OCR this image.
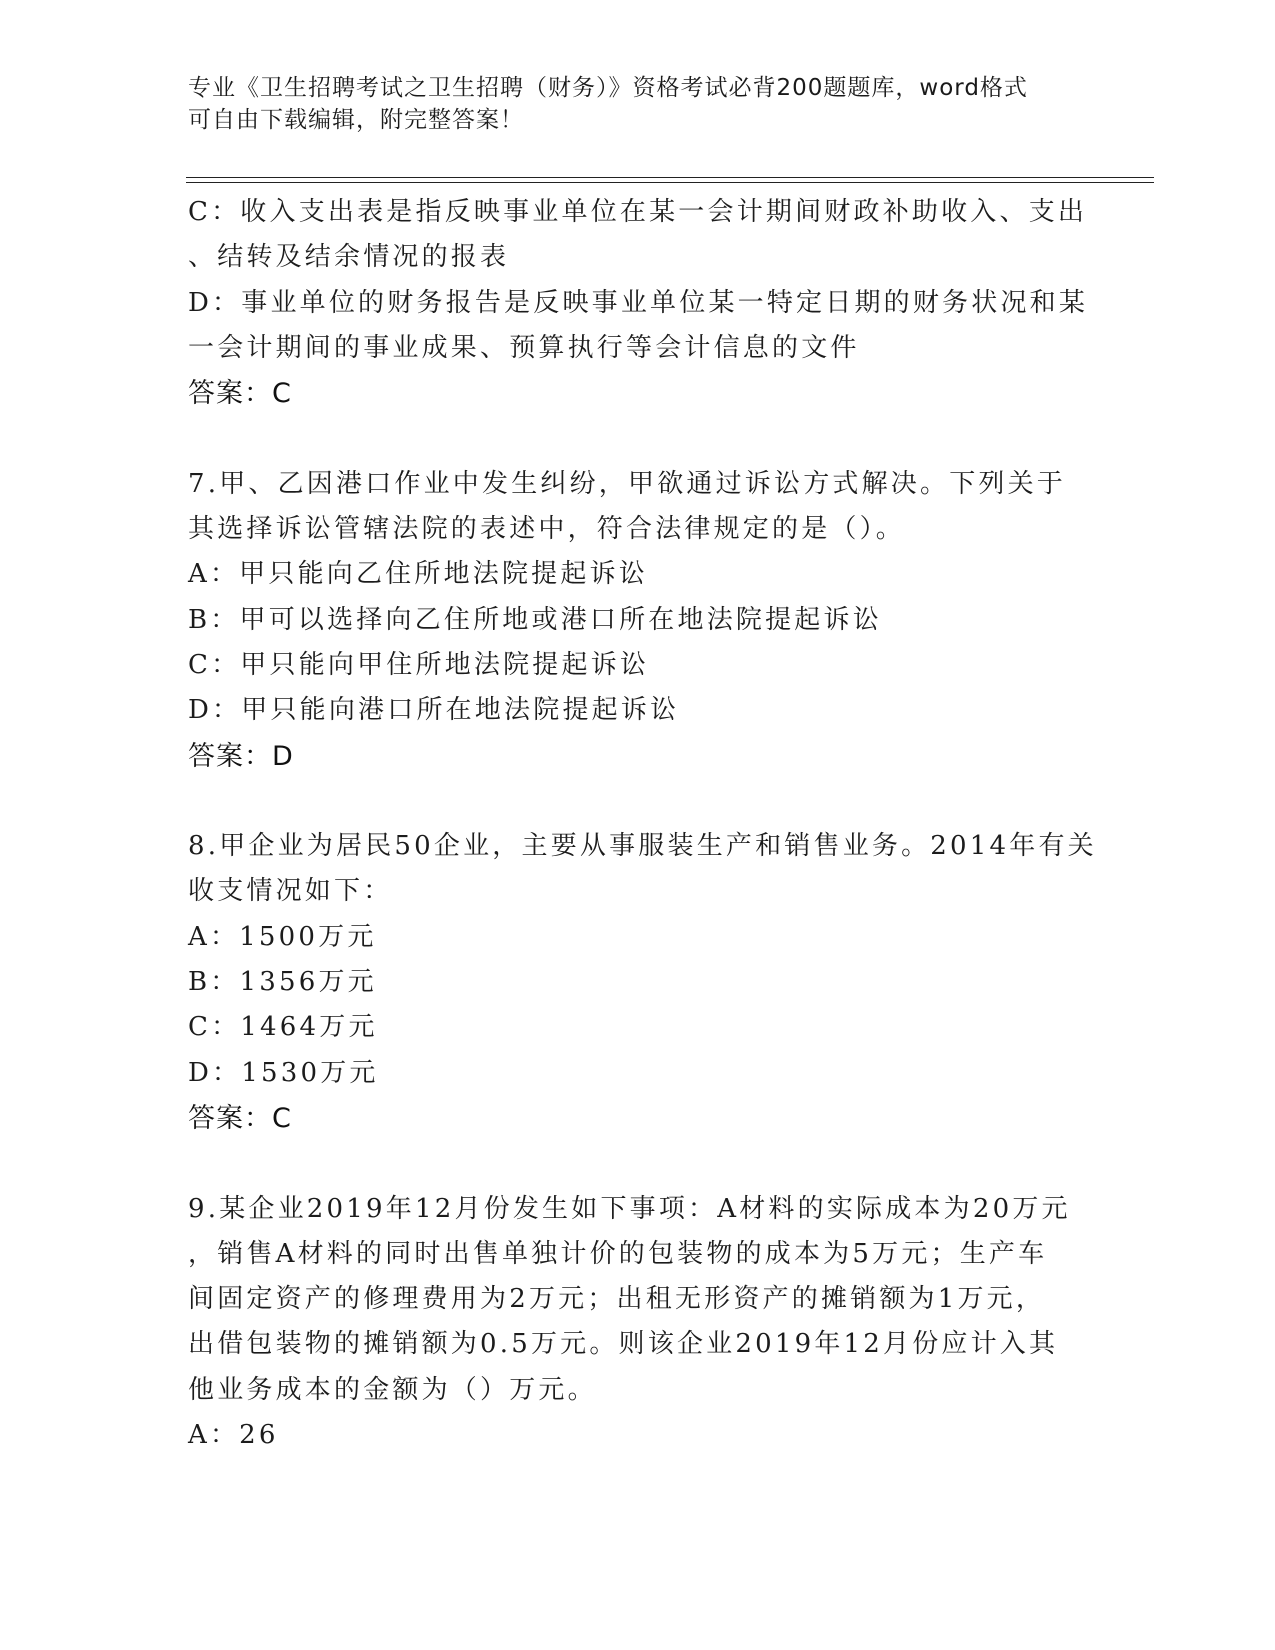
专业《卫生招聘考试之卫生招聘（财务）》资格考试必背200题题库，word格式
可自由下载编辑，附完整答案！
C：收入支出表是指反映事业单位在某一会计期间财政补助收入、支出
、结转及结余情况的报表
D：事业单位的财务报告是反映事业单位某一特定日期的财务状况和某
一会计期间的事业成果、预算执行等会计信息的文件
答案：C
7.甲、乙因港口作业中发生纠纷，甲欲通过诉讼方式解决。下列关于
其选择诉讼管辖法院的表述中，符合法律规定的是（）。
A：甲只能向乙住所地法院提起诉讼
B：甲可以选择向乙住所地或港口所在地法院提起诉讼
C：甲只能向甲住所地法院提起诉讼
D：甲只能向港口所在地法院提起诉讼
答案：D
8.甲企业为居民50企业，主要从事服装生产和销售业务。2014年有关
收支情况如下：
A：1500万元
B：1356万元
C：1464万元
D：1530万元
答案：C
9.某企业2019年12月份发生如下事项：A材料的实际成本为20万元
，销售A材料的同时出售单独计价的包装物的成本为5万元；生产车
间固定资产的修理费用为2万元；出租无形资产的摊销额为1万元，
出借包装物的摊销额为0.5万元。则该企业2019年12月份应计入其
他业务成本的金额为（）万元。
A：26
